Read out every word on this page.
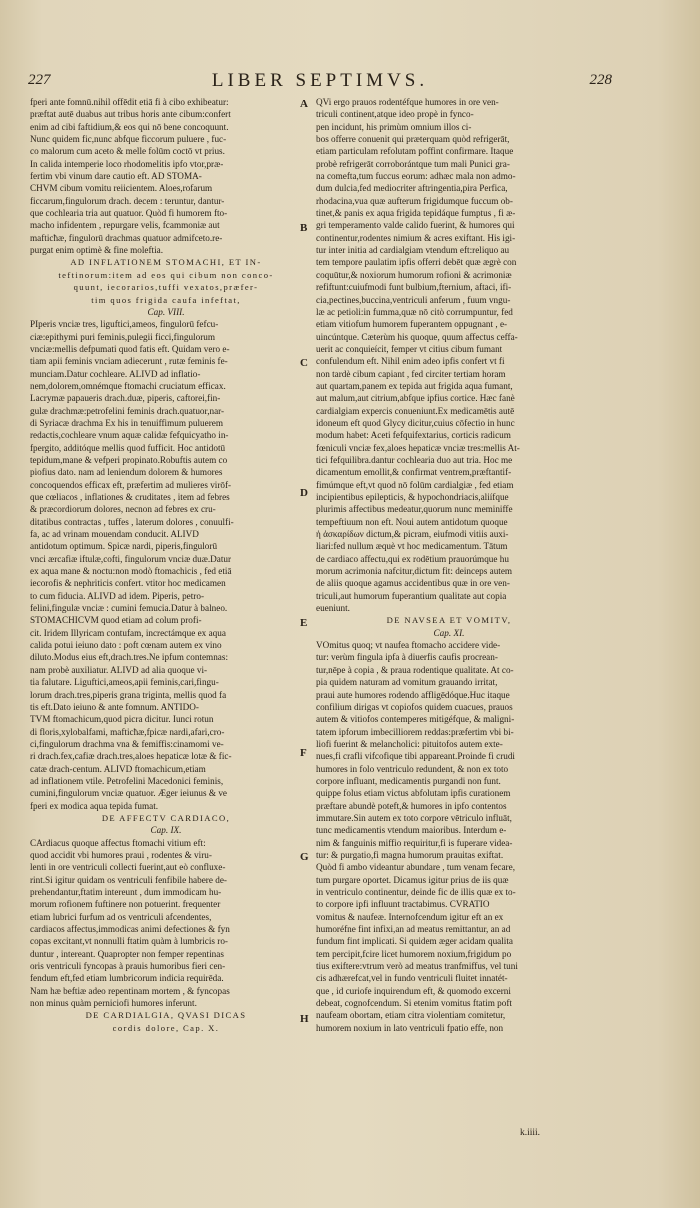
227	LIBER SEPTIMVS.	228
fperi ante fomnū.nihil offēdit etiā fi à cibo exhibeatur:
præftat autē duabus aut tribus horis ante cibum:confert
enim ad cibi faftidium,& eos qui nō bene concoquunt.
Nunc quidem fic,nunc abfque ficcorum puluere , fuc-
co malorum cum aceto & melle folūm coctō vt prius.
In calida intemperie loco rhodomelitis ipfo vtor,præ-
fertim vbi vinum dare cautio eft. AD STOMA-
CHVM cibum vomitu reiicientem. Aloes,rofarum
ficcarum,fingulorum drach. decem : teruntur, dantur-
que cochlearia tria aut quatuor. Quòd fi humorem fto-
macho infidentem , repurgare velis, fcammoniæ aut
mafticħæ, fingulorū drachmas quatuor admifceto.re-
purgat enim optimè & fine moleftia.
AD INFLATIONEM STOMACHI, ET IN-
teftinorum:item ad eos qui cibum non conco-
quunt, iecorarios,tuffi vexatos,præfer-
tim quos frigida caufa infeftat,
Cap. VIII.
PIperis vnciæ tres, liguftici,ameos, fingulorū fefcu-
ciæ:epithymi puri feminis,pulegii ficci,fingulorum
vnciæ:mellis defpumati quod fatis eft. Quidam vero e-
tiam apii feminis vnciam adiecerunt , rutæ feminis fe-
munciam.Datur cochleare. ALIVD ad inflatio-
nem,dolorem,omnémque ftomachi cruciatum efficax.
Lacrymæ papaueris drach.duæ, piperis, caftorei,fin-
gulæ drachmæ:petrofelini feminis drach.quatuor,nar-
di Syriacæ drachma Ex his in tenuiffimum puluerem
redactis,cochleare vnum aquæ calidæ fefquicyatho in-
fpergito, additóque mellis quod fufficit. Hoc antidotū
tepidum,mane & vefperi propinato.Robuftis autem co
piofius dato. nam ad leniendum dolorem & humores
concoquendos efficax eft, præfertim ad mulieres virōf-
que cœliacos , inflationes & cruditates , item ad febres
& præcordiorum dolores, necnon ad febres ex cru-
ditatibus contractas , tuffes , laterum dolores , conuulfi-
fa, ac ad vrinam mouendam conducit. ALIVD
antidotum optimum. Spicæ nardi, piperis,fingulorū
vnci ærcafiæ iftulæ,cofti, fingulorum vnciæ duæ.Datur
ex aqua mane & noctu:non modò ftomachicis , fed etiā
iecorofis & nephriticis confert. vtitor hoc medicamen
to cum fiducia. ALIVD ad idem. Piperis, petro-
felini,fingulæ vnciæ : cumini femucia.Datur à balneo.
STOMACHICVM quod etiam ad colum profi-
cit. Iridem Illyricam contufam, increctámque ex aqua
calida potui ieiuno dato : poft cœnam autem ex vino
diluto.Modus eius eft,drach.tres.Ne ipfum contemnas:
nam probè auxiliatur. ALIVD ad alia quoque vi-
tia falutare. Liguftici,ameos,apii feminis,cari,fingu-
lorum drach.tres,piperis grana triginta, mellis quod fa
tis eft.Dato ieiuno & ante fomnum. ANTIDO-
TVM ftomachicum,quod picra dicitur. Iunci rotun
di floris,xylobalfami, mafticħæ,fpicæ nardi,afari,cro-
ci,fingulorum drachma vna & femiffis:cinamomi ve-
ri drach.fex,cafiæ drach.tres,aloes hepaticæ lotæ & fic-
catæ drach-centum. ALIVD ftomachicum,etiam
ad inflationem vtile. Petrofelini Macedonici feminis,
cumini,fingulorum vnciæ quatuor. Æger ieiunus & ve
fperi ex modica aqua tepida fumat.
DE AFFECTV CARDIACO,
Cap. IX.
CArdiacus quoque affectus ftomachi vitium eft:
quod accidit vbi humores praui , rodentes & viru-
lenti in ore ventriculi collecti fuerint,aut eò confluxe-
rint.Si igitur quidam os ventriculi fenfibile habere de-
prehendantur,ftatim intereunt , dum immodicam hu-
morum rofionem fuftinere non potuerint. frequenter
etiam lubrici furfum ad os ventriculi afcendentes,
cardiacos affectus,immodicas animi defectiones & fyn
copas excitant,vt nonnulli ftatim quàm à lumbricis ro-
duntur , intereant. Quapropter non femper repentinas
oris ventriculi fyncopas à prauis humoribus fieri cen-
fendum eft,fed etiam lumbricorum indicia requirēda.
Nam hæ beftiæ adeo repentinam mortem , & fyncopas
non minus quàm perniciofi humores inferunt.
DE CARDIALGIA, QVASI DICAS
cordis dolore, Cap. X.
QVi ergo prauos rodentéfque humores in ore ven-
triculi continent,atque ideo propè in fynco-
pen incidunt, his primùm omnium illos ci-
bos offerre conuenit qui præterquam quòd refrigerāt,
etiam particulam refolutam poffint confirmare. Itaque
probè refrigerāt corroborántque tum mali Punici gra-
na comefta,tum fuccus eorum: adhæc mala non admo-
dum dulcia,fed mediocriter aftringentia,pira Perfica,
rhodacina,vua quæ aufterum frigidumque fuccum ob-
tinet,& panis ex aqua frigida tepidáque fumptus , fi æ-
gri temperamento valde calido fuerint, & humores qui
continentur,rodentes nimium & acres exiftant. His igi-
tur inter initia ad cardialgiam vtendum eft:reliquo au
tem tempore paulatim ipfis offerri debēt quæ ægrè con
coquūtur,& noxiorum humorum rofioni & acrimoniæ
refiftunt:cuiufmodi funt bulbium,fternium, aftaci, ifi-
cia,pectines,buccina,ventriculi anferum , fuum vngu-
læ ac petioli:in fumma,quæ nō citò corrumpuntur, fed
etiam vitiofum humorem fuperantem oppugnant , e-
uincúntque. Cæterùm his quoque, quum affectus ceffa-
uerit ac conquieícit, femper vt citius cibum fumant
confulendum eft. Nihil enim adeo ipfis confert vt fi
non tardè cibum capiant , fed circiter tertiam horam
aut quartam,panem ex tepida aut frigida aqua fumant,
aut malum,aut citrium,abfque ipfius cortice. Hæc fanè
cardialgiam expercis conueniunt.Ex medicamētis autē
idoneum eft quod Glycy dicitur,cuius cōfectio in hunc
modum habet: Aceti fefquifextarius, corticis radicum
fœniculi vnciæ fex,aloes hepaticæ vnciæ tres:mellis At-
tici fefquilibra.dantur cochlearia duo aut tria. Hoc me
dicamentum emollit,& confirmat ventrem,præftantif-
fimúmque eft,vt quod nō folūm cardialgiæ , fed etiam
incipientibus epilepticis, & hypochondriacis,aliífque
plurimis affectibus medeatur,quorum nunc meminiffe
tempeftiuum non eft. Noui autem antidotum quoque
ἡ ἀσκαρίδων dictum,& picram, eiufmodi vitiis auxi-
liari:fed nullum æquè vt hoc medicamentum. Tātum
de cardiaco affectu,qui ex rodētium prauorúmque hu
morum acrimonia nafcitur,dictum fit: deinceps autem
de aliis quoque agamus accidentibus quæ in ore ven-
triculi,aut humorum fuperantium qualitate aut copia
eueniunt.
DE NAVSEA ET VOMITV,
Cap. XI.
VOmitus quoq; vt naufea ftomacho accidere vide-
tur: verùm fingula ipfa à diuerfis caufis procrean-
tur,nēpe à copia , & praua rodentique qualitate. At co-
pia quidem naturam ad vomitum grauando irritat,
praui aute humores rodendo affligēdóque.Huc itaque
confilium dirigas vt copiofos quidem cuacues, prauos
autem & vitiofos contemperes mitigéfque, & maligni-
tatem ipforum imbecilliorem reddas:præfertim vbi bi-
liofi fuerint & melancholici: pituitofos autem exte-
nues,fi crafli vifcofique tibi appareant.Proinde fi crudi
humores in folo ventriculo redundent, & non ex toto
corpore influant, medicamentis purgandi non funt.
quippe folus etiam victus abfolutam ipfis curationem
præftare abundè poteft,& humores in ipfo contentos
immutare.Sin autem ex toto corpore vētriculo influāt,
tunc medicamentis vtendum maioribus. Interdum e-
nim & fanguinis miffio requiritur,fi is fuperare videa-
tur: & purgatio,fi magna humorum prauitas exiftat.
Quòd fi ambo videantur abundare , tum venam fecare,
tum purgare oportet. Dicamus igitur prius de iis quæ
in ventriculo continentur, deinde fic de illis quæ ex to-
to corpore ipfi influunt tractabimus. CVRATIO
vomitus & naufeæ. Internofcendum igitur eft an ex
humoréfne fint infixi,an ad meatus remittantur, an ad
fundum fint implicati. Si quidem æger acidam qualita
tem percipit,fcire licet humorem noxium,frigidum po
tius exiftere:vtrum verò ad meatus tranfmiffus, vel tuni
cis adhærefcat,vel in fundo ventriculi fluitet innatét-
que , id curiofe inquirendum eft, & quomodo excerni
debeat, cognofcendum. Si etenim vomitus ftatim poft
naufeam obortam, etiam citra violentiam comitetur,
humorem noxium in lato ventriculi fpatio effe, non
A
B
C
D
E
F
G
H
k.iiii.
